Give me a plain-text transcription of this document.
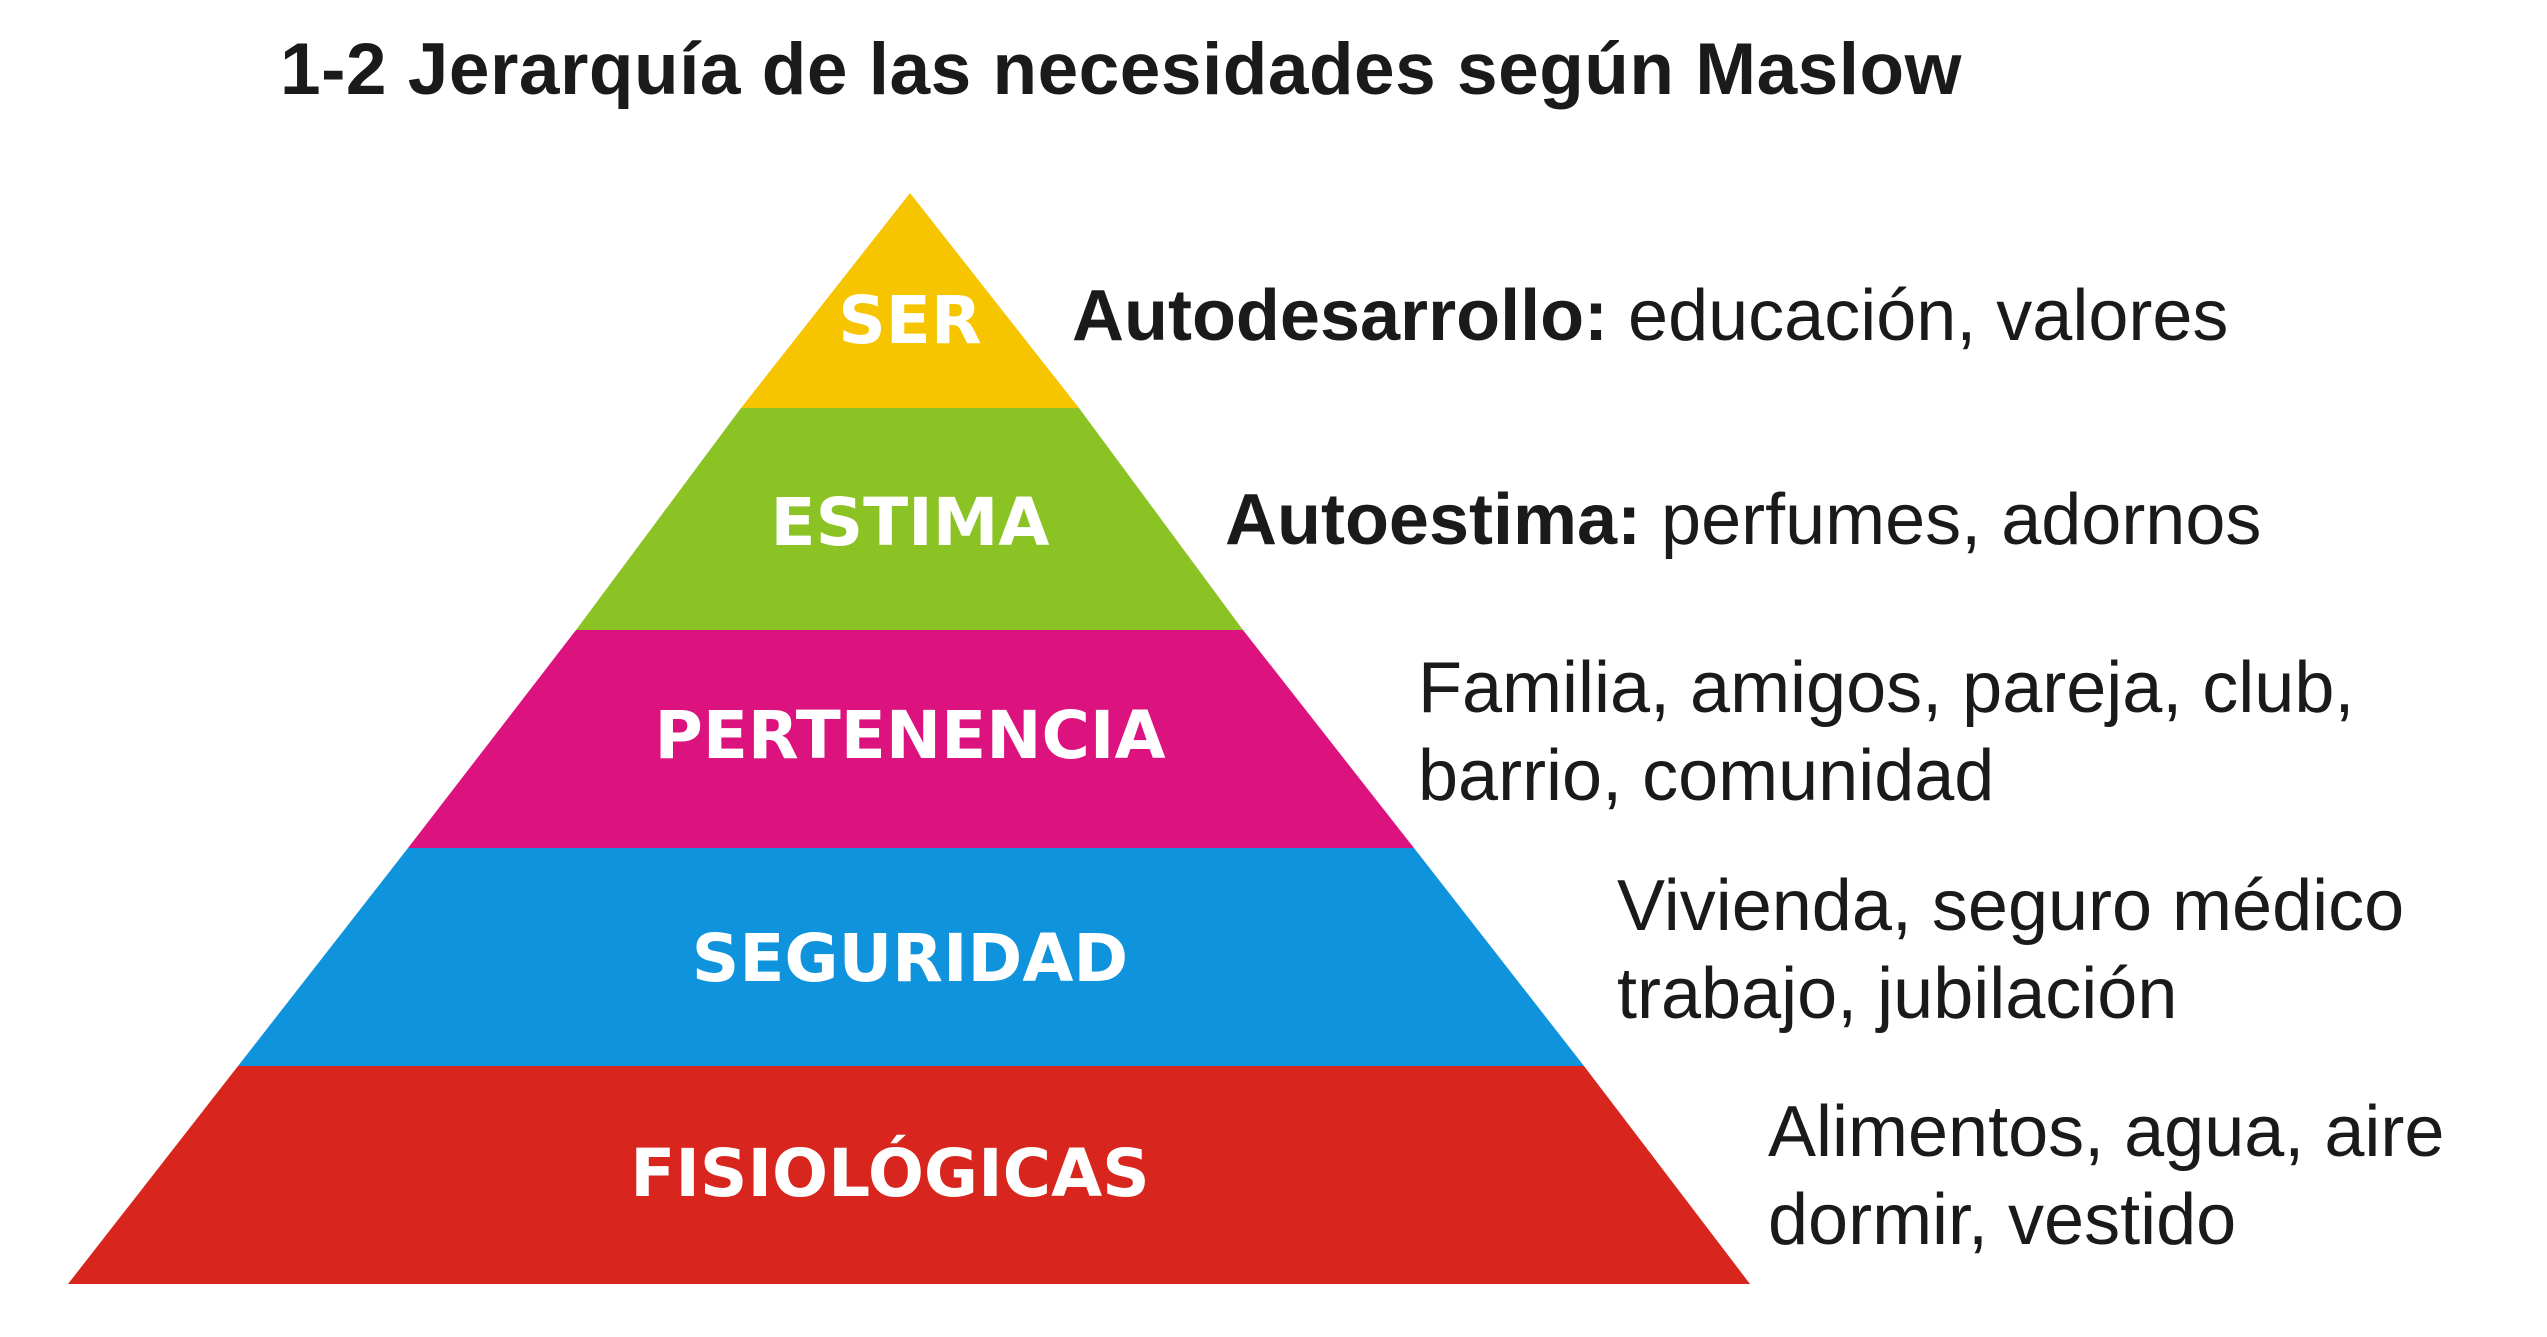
1-2 Jerarquía de las necesidades según Maslow
SER
ESTIMA
PERTENENCIA
SEGURIDAD
FISIOLÓGICAS
Autodesarrollo: educación, valores
Autoestima: perfumes, adornos
Familia, amigos, pareja, club,
barrio, comunidad
Vivienda, seguro médico
trabajo, jubilación
Alimentos, agua, aire
dormir, vestido
